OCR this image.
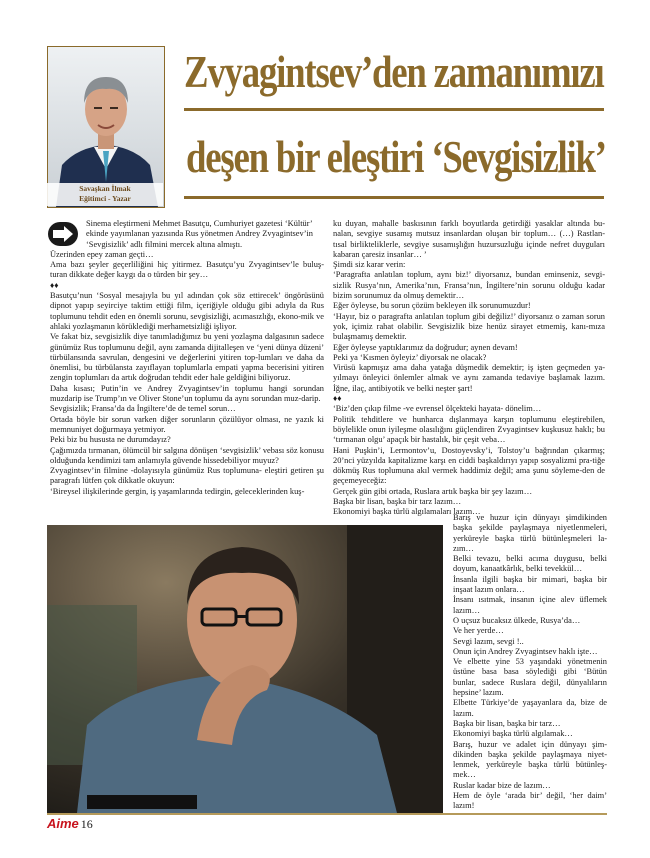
Savaşkan İlmak
Eğitimci - Yazar
Zvyagintsev’den zamanımızı
deşen bir eleştiri ‘Sevgisizlik’

Sinema eleştirmeni Mehmet Basutçu, Cumhuriyet gazetesi ‘Kültür’

ekinde yayımlanan yazısında Rus yönetmen Andrey Zvyagintsev’in

‘Sevgisizlik’ adlı filmini mercek altına almıştı.

Üzerinden epey zaman geçti…

Ama bazı şeyler geçerliliğini hiç yitirmez. Basutçu’yu Zvyagintsev’le buluş-turan dikkate değer kaygı da o türden bir şey…

♦♦

Basutçu’nun ‘Sosyal mesajıyla bu yıl adından çok söz ettirecek’ öngörüsünü dipnot yapıp seyirciye taktim ettiği film, içeriğiyle olduğu gibi adıyla da Rus toplumunu tehdit eden en önemli sorunu, sevgisizliği, acımasızlığı, ekono-mik ve ahlaki yozlaşmanın körüklediği merhametsizliği işliyor.

Ve fakat biz, sevgisizlik diye tanımladığımız bu yeni yozlaşma dalgasının sadece günümüz Rus toplumunu değil, aynı zamanda dijitalleşen ve ‘yeni dünya düzeni’ türbülansında savrulan, dengesini ve değerlerini yitiren top-lumları ve daha da önemlisi, bu türbülansta zayıflayan toplumlarla empati yapma becerisini yitiren zengin toplumları da artık doğrudan tehdit eder hale geldiğini biliyoruz.

Daha kısası; Putin’in ve Andrey Zvyagintsev’in toplumu hangi sorundan muzdarip ise Trump’ın ve Oliver Stone’un toplumu da aynı sorundan muz-darip.

Sevgisizlik; Fransa’da da İngiltere’de de temel sorun…

Ortada böyle bir sorun varken diğer sorunların çözülüyor olması, ne yazık ki memnuniyet doğurmaya yetmiyor.

Peki biz bu hususta ne durumdayız?

Çağımızda tırmanan, ölümcül bir salgına dönüşen ‘sevgisizlik’ vebası söz konusu olduğunda kendimizi tam anlamıyla güvende hissedebiliyor muyuz?

Zvyagintsev’in filmine -dolayısıyla günümüz Rus toplumuna- eleştiri getiren şu paragrafı lütfen çok dikkatle okuyun:

‘Bireysel ilişkilerinde gergin, iş yaşamlarında tedirgin, geleceklerinden kuş-

ku duyan, mahalle baskısının farklı boyutlarda getirdiği yasaklar altında bu-nalan, sevgiye susamış mutsuz insanlardan oluşan bir toplum… (…) Rastlan-tısal birlikteliklerle, sevgiye susamışlığın huzursuzluğu içinde nefret duyguları kabaran çaresiz insanlar… ’

Şimdi siz karar verin:

‘Paragrafta anlatılan toplum, aynı biz!’ diyorsanız, bundan eminseniz, sevgi-sizlik Rusya’nın, Amerika’nın, Fransa’nın, İngiltere’nin sorunu olduğu kadar bizim sorunumuz da olmuş demektir…

Eğer öyleyse, bu sorun çözüm bekleyen ilk sorunumuzdur!

‘Hayır, biz o paragrafta anlatılan toplum gibi değiliz!’ diyorsanız o zaman sorun yok, içimiz rahat olabilir. Sevgisizlik bize henüz sirayet etmemiş, kanı-mıza bulaşmamış demektir.

Eğer öyleyse yaptıklarımız da doğrudur; aynen devam!

Peki ya ‘Kısmen öyleyiz’ diyorsak ne olacak?

Virüsü kapmışız ama daha yatağa düşmedik demektir; iş işten geçmeden ya-yılmayı önleyici önlemler almak ve aynı zamanda tedaviye başlamak lazım. İğne, ilaç, antibiyotik ve belki neşter şart!

♦♦

‘Biz’den çıkıp filme -ve evrensel ölçekteki hayata- dönelim…

Politik tehditlere ve hunharca dışlanmaya karşın toplumunu eleştirebilen, böylelikle onun iyileşme olasılığını güçlendiren Zvyagintsev kuşkusuz haklı; bu ‘tırmanan olgu’ apaçık bir hastalık, bir çeşit veba…

Hani Puşkin’i, Lermontov’u, Dostoyevsky’i, Tolstoy’u bağrından çıkarmış; 20’nci yüzyılda kapitalizme karşı en ciddi başkaldırıyı yapıp sosyalizmi pra-tiğe dökmüş Rus toplumuna akıl vermek haddimiz değil; ama şunu söyleme-den de geçemeyeceğiz:

Gerçek gün gibi ortada, Ruslara artık başka bir şey lazım…

Başka bir lisan, başka bir tarz lazım…

Ekonomiyi başka türlü algılamaları lazım…

Barış ve huzur için dünyayı şimdikinden başka şekilde paylaşmaya niyetlenmeleri, yerküreyle başka türlü bütünleşmeleri la-zım…

Belki tevazu, belki acıma duygusu, belki doyum, kanaatkârlık, belki tevekkül…

İnsanla ilgili başka bir mimari, başka bir inşaat lazım onlara…

İnsanı ısıtmak, insanın içine alev üflemek lazım…

O uçsuz bucaksız ülkede, Rusya’da…

Ve her yerde…

Sevgi lazım, sevgi !..

Onun için Andrey Zvyagintsev haklı işte…

Ve elbette yine 53 yaşındaki yönetmenin üstüne basa basa söylediği gibi ‘Bütün bunlar, sadece Ruslara değil, dünyalıların hepsine’ lazım.

Elbette Türkiye’de yaşayanlara da, bize de lazım.

Başka bir lisan, başka bir tarz…

Ekonomiyi başka türlü algılamak…

Barış, huzur ve adalet için dünyayı şim-dikinden başka şekilde paylaşmaya niyet-lenmek, yerküreyle başka türlü bütünleş-mek…

Ruslar kadar bize de lazım…

Hem de öyle ‘arada bir’ değil, ‘her daim’ lazım!

Aime 16
